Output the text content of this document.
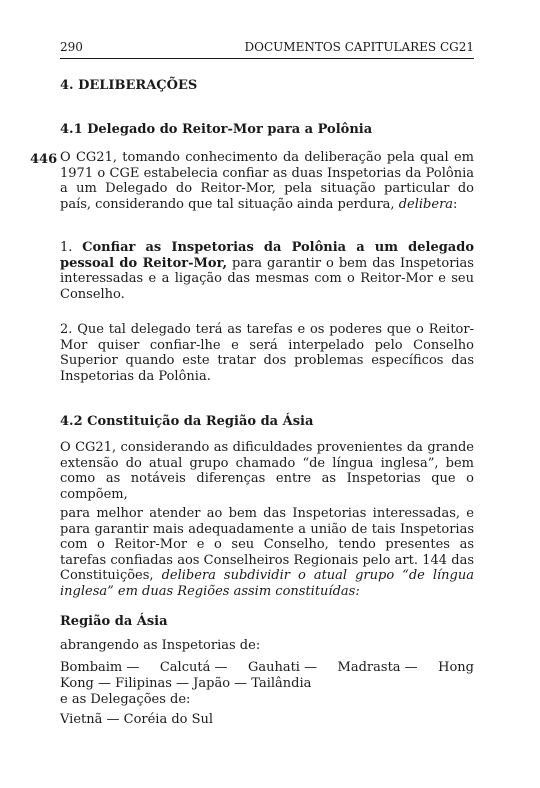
290	DOCUMENTOS CAPITULARES CG21
4. DELIBERAÇÕES
4.1 Delegado do Reitor-Mor para a Polônia
446 O CG21, tomando conhecimento da deliberação pela qual em 1971 o CGE estabelecia confiar as duas Inspetorias da Polônia a um Delegado do Reitor-Mor, pela situação particular do país, considerando que tal situação ainda perdura, delibera:

1. Confiar as Inspetorias da Polônia a um delegado pessoal do Reitor-Mor, para garantir o bem das Inspetorias interessadas e a ligação das mesmas com o Reitor-Mor e seu Conselho.

2. Que tal delegado terá as tarefas e os poderes que o Reitor-Mor quiser confiar-lhe e será interpelado pelo Conselho Superior quando este tratar dos problemas específicos das Inspetorias da Polônia.

4.2 Constituição da Região da Ásia

O CG21, considerando as dificuldades provenientes da grande extensão do atual grupo chamado “de língua inglesa”, bem como as notáveis diferenças entre as Inspetorias que o compõem,

para melhor atender ao bem das Inspetorias interessadas, e para garantir mais adequadamente a união de tais Inspetorias com o Reitor-Mor e o seu Conselho, tendo presentes as tarefas confiadas aos Conselheiros Regionais pelo art. 144 das Constituições, delibera subdividir o atual grupo “de língua inglesa” em duas Regiões assim constituídas:

Região da Ásia
abrangendo as Inspetorias de:
Bombaim — Calcutá — Gauhati — Madrasta — Hong
Kong — Filipinas — Japão — Tailândia
e as Delegações de:
Vietnã — Coréia do Sul
